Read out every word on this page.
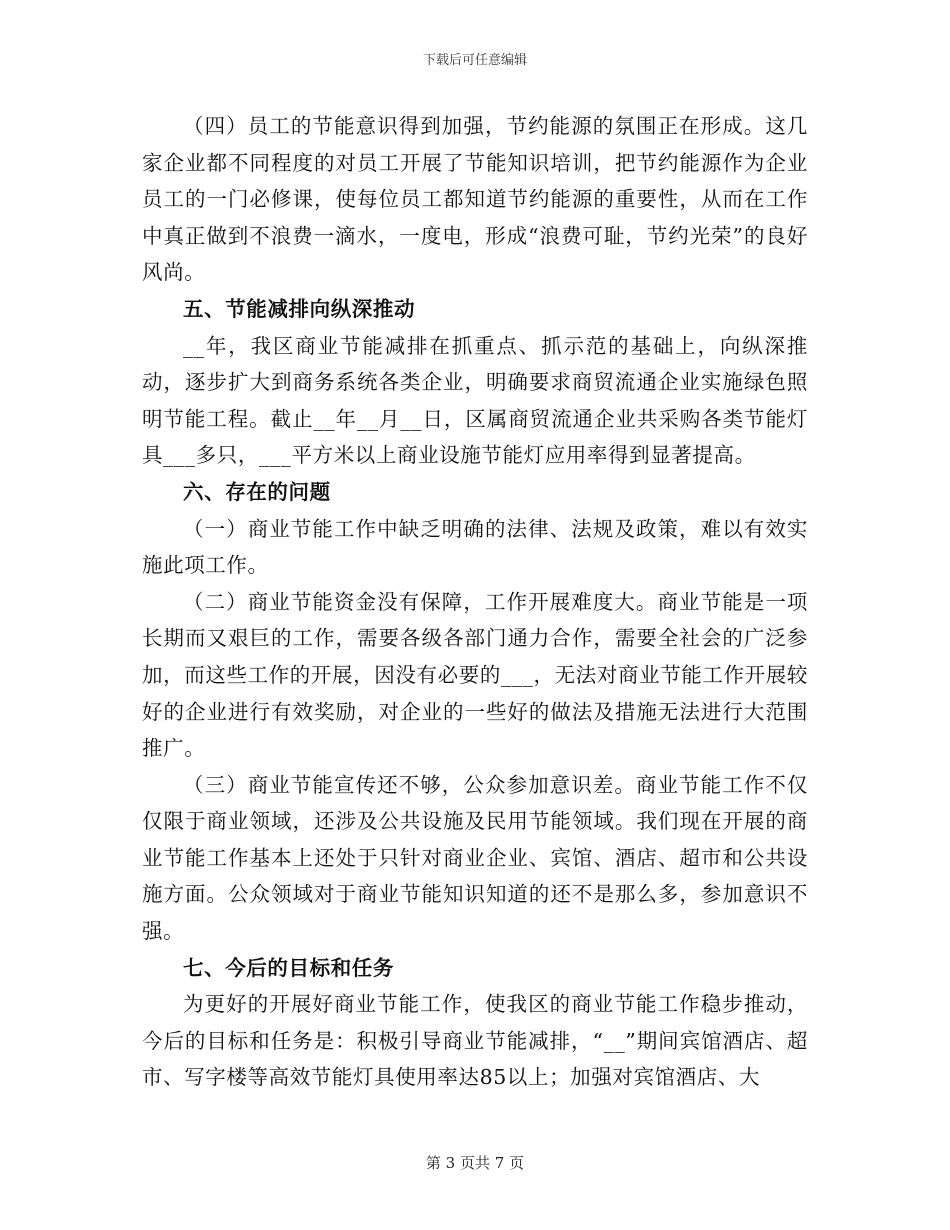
下载后可任意编辑

（四）员工的节能意识得到加强，节约能源的氛围正在形成。这几家企业都不同程度的对员工开展了节能知识培训，把节约能源作为企业员工的一门必修课，使每位员工都知道节约能源的重要性，从而在工作中真正做到不浪费一滴水，一度电，形成“浪费可耻，节约光荣”的良好风尚。

五、节能减排向纵深推动

__年，我区商业节能减排在抓重点、抓示范的基础上，向纵深推动，逐步扩大到商务系统各类企业，明确要求商贸流通企业实施绿色照明节能工程。截止__年__月__日，区属商贸流通企业共采购各类节能灯具___多只，___平方米以上商业设施节能灯应用率得到显著提高。

六、存在的问题

（一）商业节能工作中缺乏明确的法律、法规及政策，难以有效实施此项工作。

（二）商业节能资金没有保障，工作开展难度大。商业节能是一项长期而又艰巨的工作，需要各级各部门通力合作，需要全社会的广泛参加，而这些工作的开展，因没有必要的___，无法对商业节能工作开展较好的企业进行有效奖励，对企业的一些好的做法及措施无法进行大范围推广。

（三）商业节能宣传还不够，公众参加意识差。商业节能工作不仅仅限于商业领域，还涉及公共设施及民用节能领域。我们现在开展的商业节能工作基本上还处于只针对商业企业、宾馆、酒店、超市和公共设施方面。公众领域对于商业节能知识知道的还不是那么多，参加意识不强。

七、今后的目标和任务

为更好的开展好商业节能工作，使我区的商业节能工作稳步推动，今后的目标和任务是：积极引导商业节能减排，“__”期间宾馆酒店、超市、写字楼等高效节能灯具使用率达85以上；加强对宾馆酒店、大

第 3 页共 7 页
